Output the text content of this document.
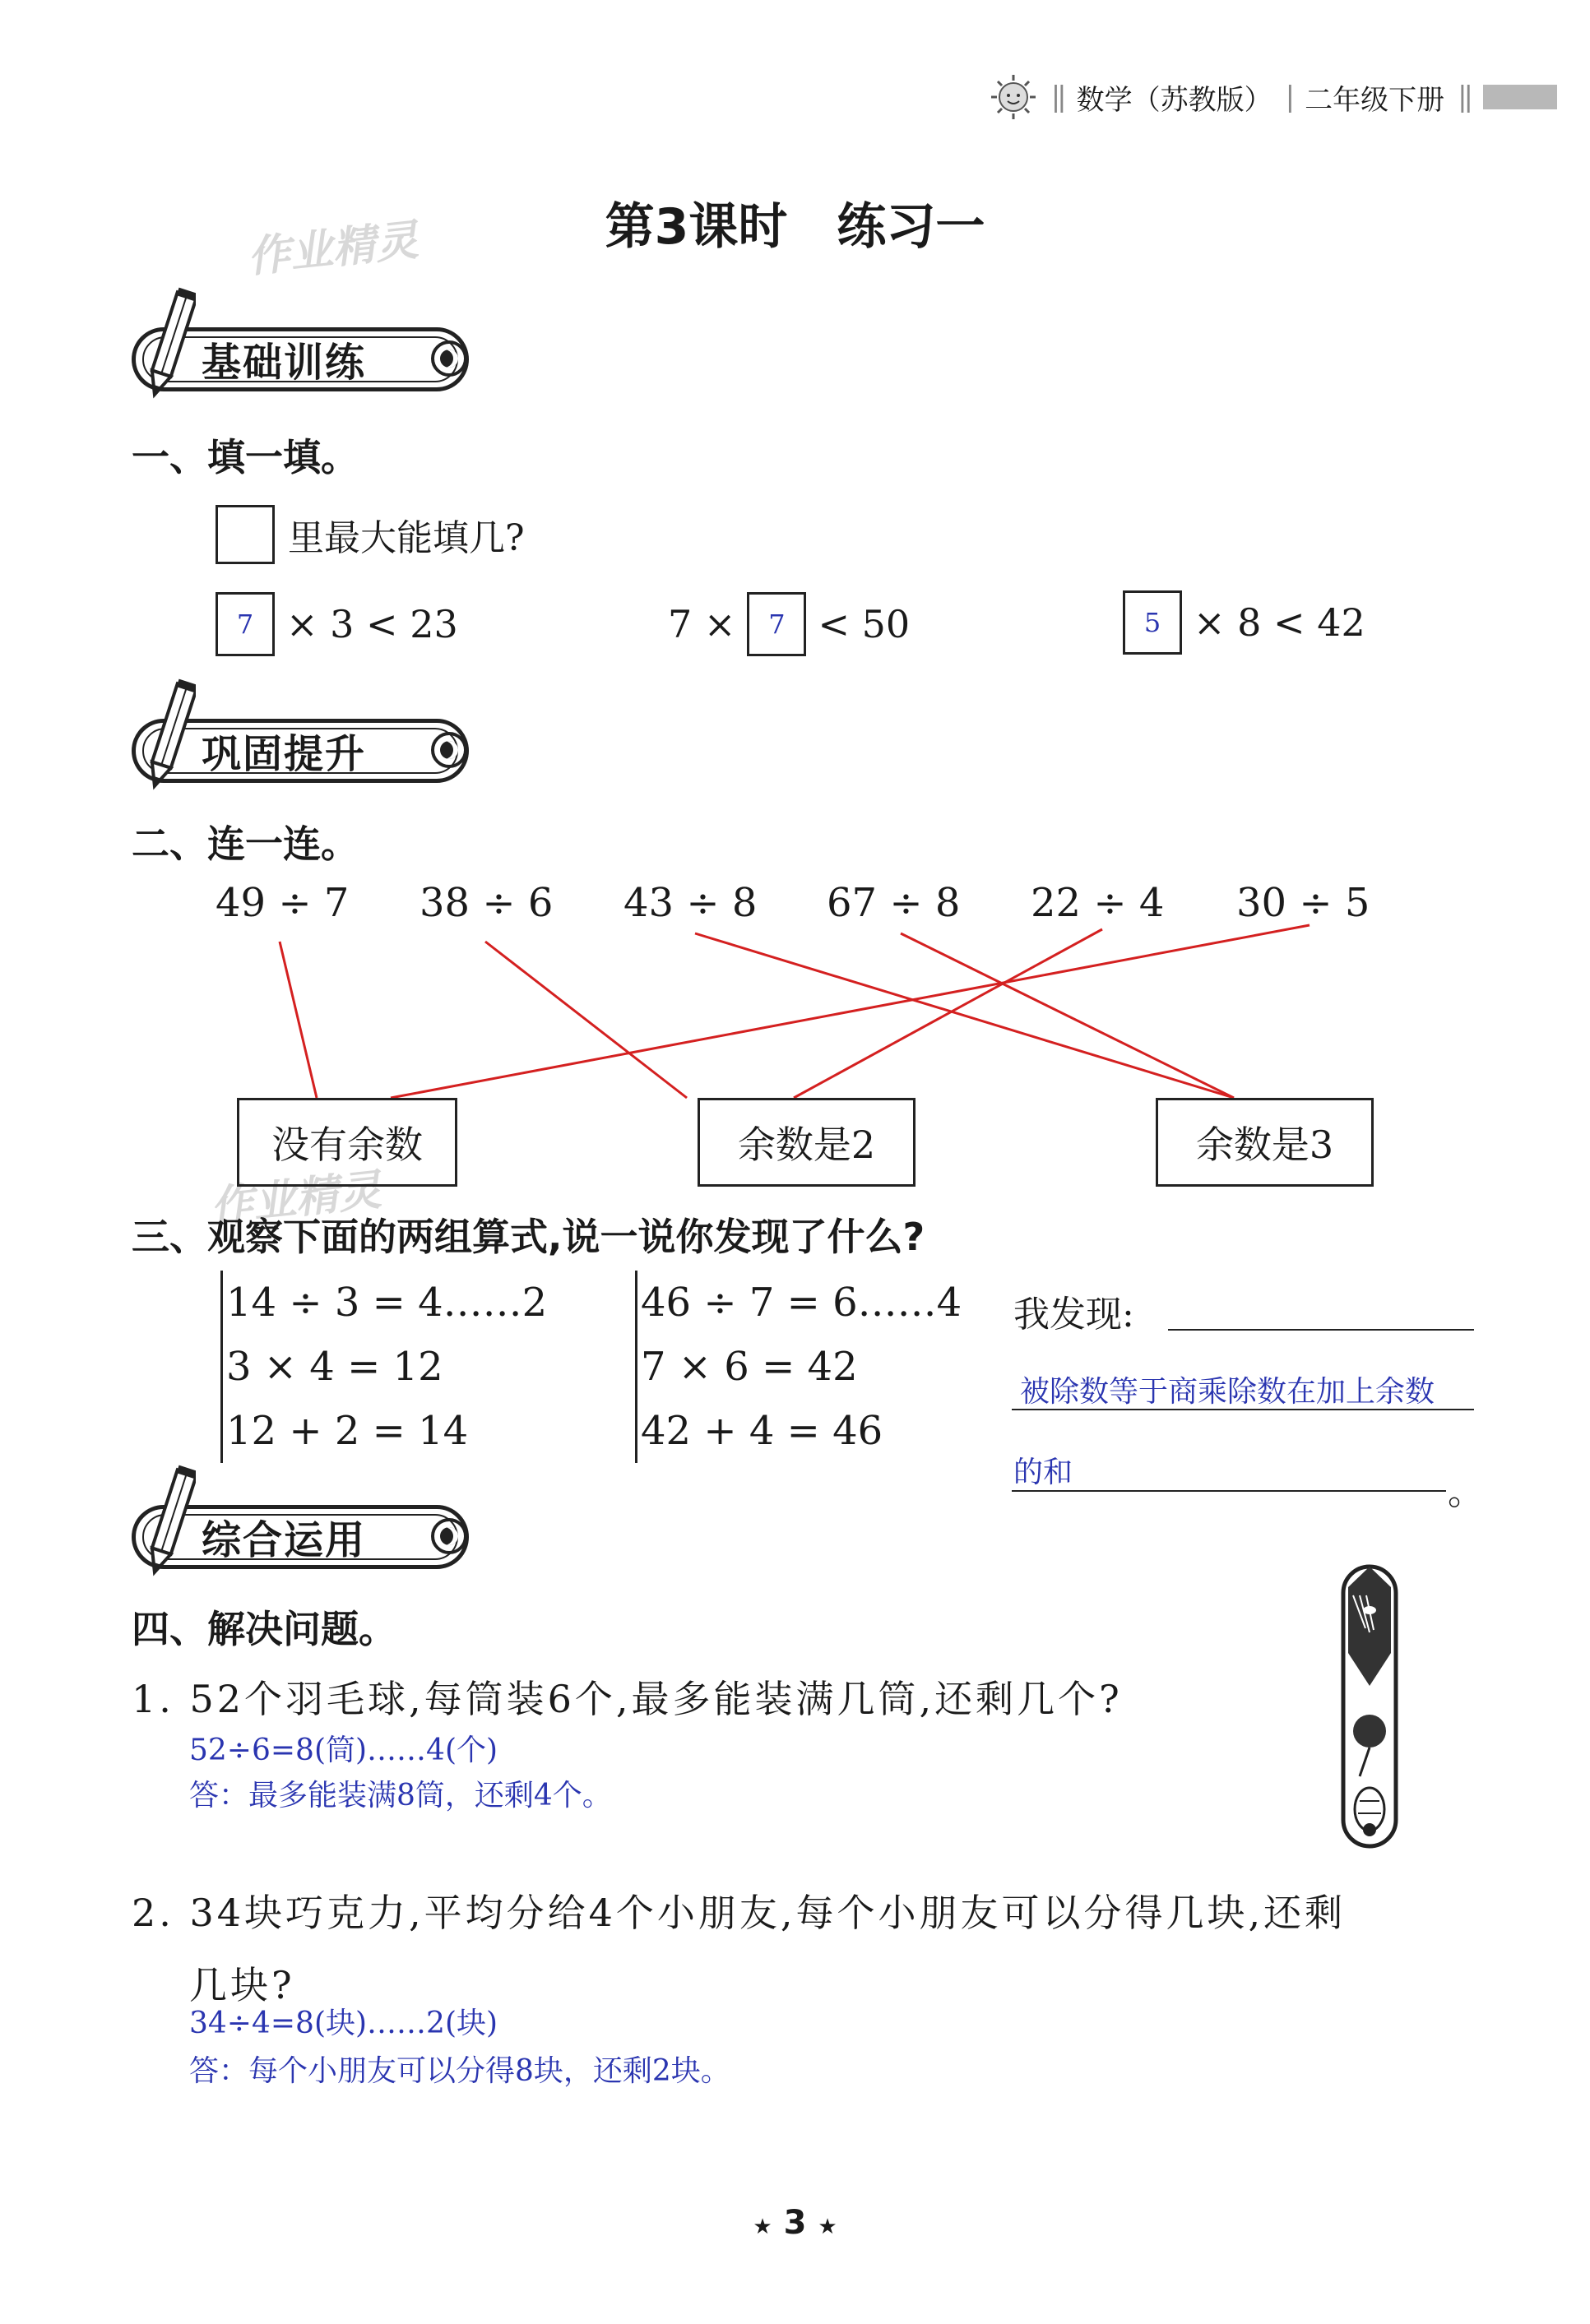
|| 数学（苏教版） | 二年级下册 ||
作业精灵
作业精灵
第3课时　练习一
基础训练
一、填一填。
里最大能填几?
7 × 3 < 23	7 ×	7 < 50	5 × 8 < 42
巩固提升
二、连一连。
49 ÷ 7 38 ÷ 6 43 ÷ 8 67 ÷ 8 22 ÷ 4 30 ÷ 5
没有余数	余数是2	余数是3
三、观察下面的两组算式,说一说你发现了什么?
14 ÷ 3 = 4……2
3 × 4 = 12
12 + 2 = 14
46 ÷ 7 = 6……4
7 × 6 = 42
42 + 4 = 46
我发现:
被除数等于商乘除数在加上余数
的和	。
综合运用
四、解决问题。
1. 52个羽毛球,每筒装6个,最多能装满几筒,还剩几个?
52÷6=8(筒)……4(个)
答：最多能装满8筒，还剩4个。
2. 34块巧克力,平均分给4个小朋友,每个小朋友可以分得几块,还剩
几块?
34÷4=8(块)……2(块)
答：每个小朋友可以分得8块，还剩2块。
★ 3 ★
